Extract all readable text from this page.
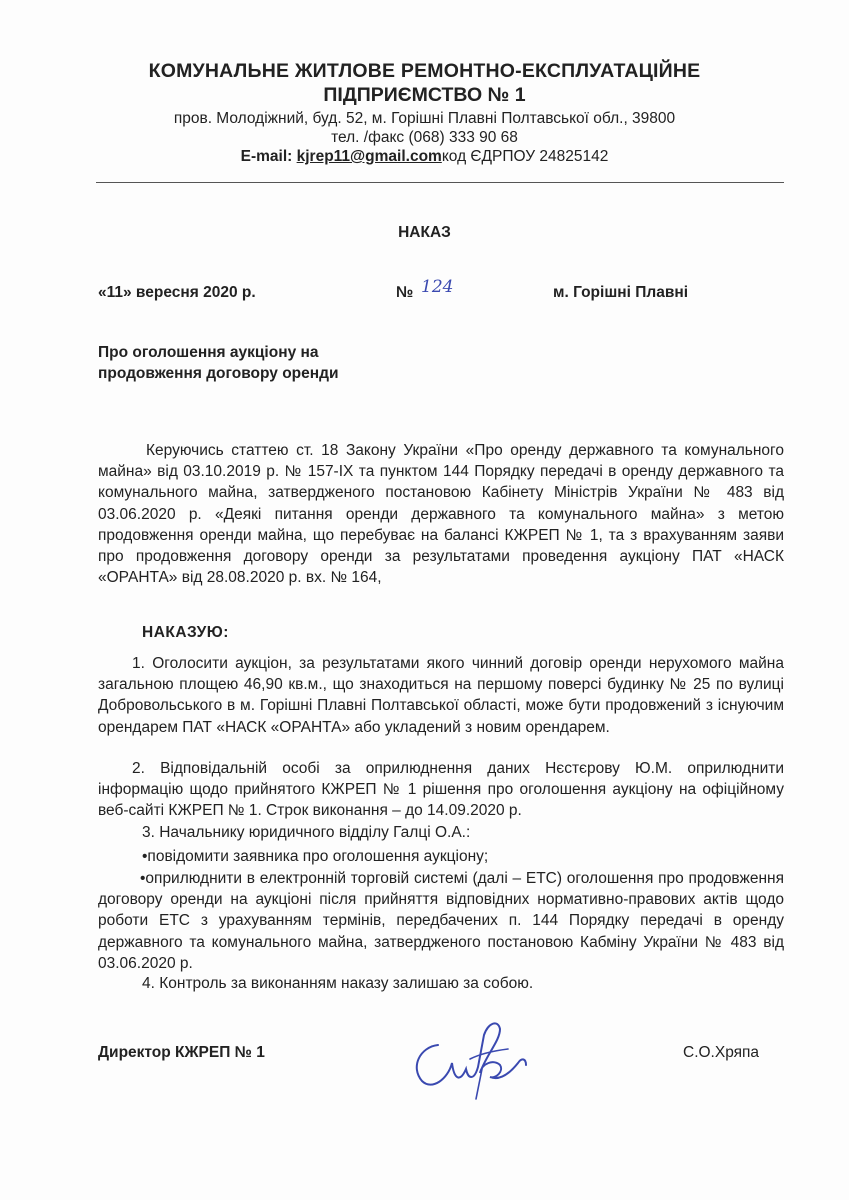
КОМУНАЛЬНЕ ЖИТЛОВЕ РЕМОНТНО-ЕКСПЛУАТАЦІЙНЕ
ПІДПРИЄМСТВО № 1
пров. Молодіжний, буд. 52, м. Горішні Плавні Полтавської обл., 39800
тел. /факс (068) 333 90 68
E-mail: kjrep11@gmail.comкод ЄДРПОУ 24825142
НАКАЗ
«11» вересня 2020 р.	№ 124	м. Горішні Плавні
Про оголошення аукціону на продовження договору оренди
Керуючись статтею ст. 18 Закону України «Про оренду державного та комунального майна» від 03.10.2019 р. № 157-ІХ та пунктом 144 Порядку передачі в оренду державного та комунального майна, затвердженого постановою Кабінету Міністрів України № 483 від 03.06.2020 р. «Деякі питання оренди державного та комунального майна» з метою продовження оренди майна, що перебуває на балансі КЖРЕП № 1, та з врахуванням заяви про продовження договору оренди за результатами проведення аукціону ПАТ «НАСК «ОРАНТА» від 28.08.2020 р. вх. № 164,
НАКАЗУЮ:
1. Оголосити аукціон, за результатами якого чинний договір оренди нерухомого майна загальною площею 46,90 кв.м., що знаходиться на першому поверсі будинку № 25 по вулиці Добровольського в м. Горішні Плавні Полтавської області, може бути продовжений з існуючим орендарем ПАТ «НАСК «ОРАНТА» або укладений з новим орендарем.
2. Відповідальній особі за оприлюднення даних Нєстєрову Ю.М. оприлюднити інформацію щодо прийнятого КЖРЕП № 1 рішення про оголошення аукціону на офіційному веб-сайті КЖРЕП № 1. Строк виконання – до 14.09.2020 р.
3. Начальнику юридичного відділу Галці О.А.:
•повідомити заявника про оголошення аукціону;
•оприлюднити в електронній торговій системі (далі – ЕТС) оголошення про продовження договору оренди на аукціоні після прийняття відповідних нормативно-правових актів щодо роботи ЕТС з урахуванням термінів, передбачених п. 144 Порядку передачі в оренду державного та комунального майна, затвердженого постановою Кабміну України № 483 від 03.06.2020 р.
4. Контроль за виконанням наказу залишаю за собою.
Директор КЖРЕП № 1	С.О.Хряпа
